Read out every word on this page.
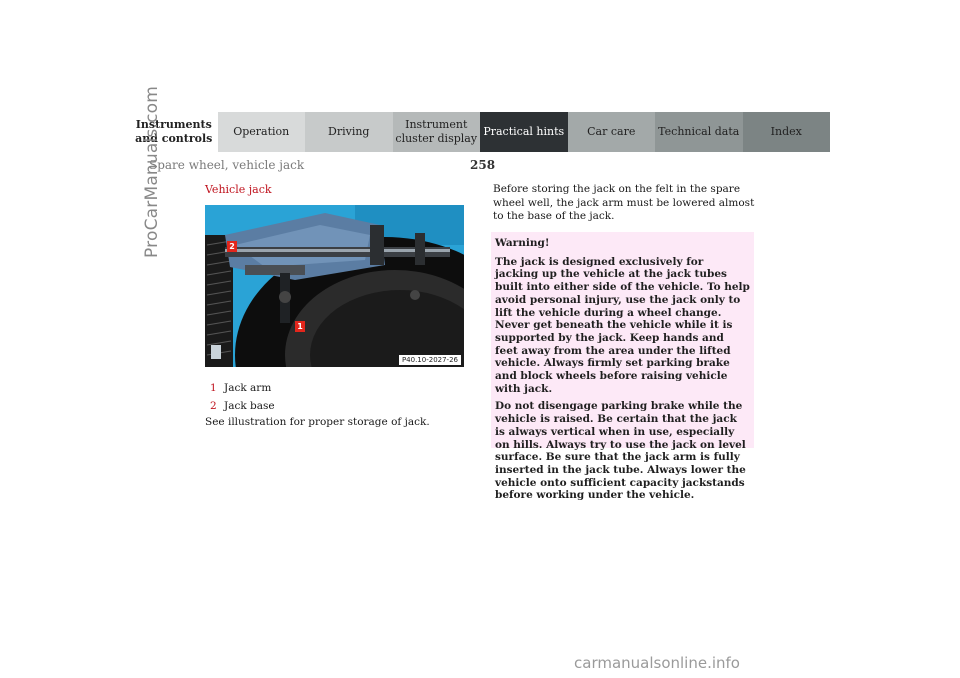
Instruments and controls
Operation	Driving
Instrument cluster display
Practical hints	Car care	Technical data	Index
Spare wheel, vehicle jack	258
ProCarManuals.com	Vehicle jack
2
1
P40.10-2027-26
1 Jack arm
2 Jack base
See illustration for proper storage of jack.
Before storing the jack on the felt in the spare wheel well, the jack arm must be lowered almost to the base of the jack.

Warning!

The jack is designed exclusively for jacking up the vehicle at the jack tubes built into either side of the vehicle. To help avoid personal injury, use the jack only to lift the vehicle during a wheel change. Never get beneath the vehicle while it is supported by the jack. Keep hands and feet away from the area under the lifted vehicle. Always firmly set parking brake and block wheels before raising vehicle with jack.

Do not disengage parking brake while the vehicle is raised. Be certain that the jack is always vertical when in use, especially on hills. Always try to use the jack on level surface. Be sure that the jack arm is fully inserted in the jack tube. Always lower the vehicle onto sufficient capacity jackstands before working under the vehicle.

carmanualsonline.info
